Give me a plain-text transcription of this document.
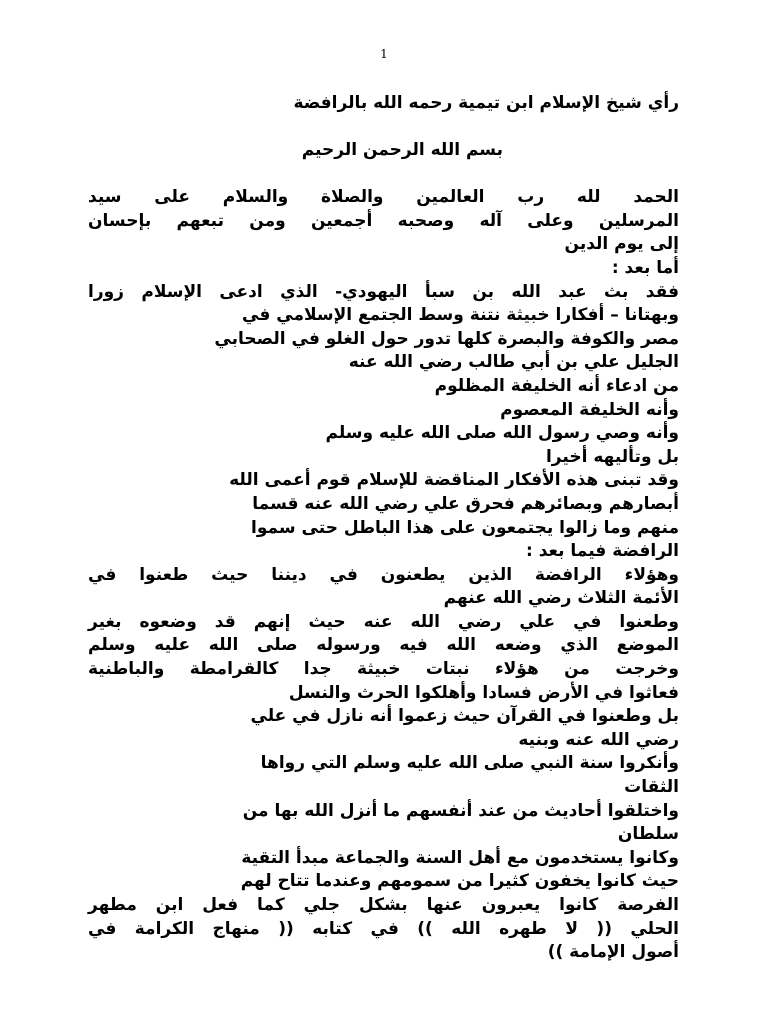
1
رأي شيخ الإسلام ابن تيمية رحمه الله بالرافضة
بسم الله الرحمن الرحيم
الحمد لله رب العالمين والصلاة والسلام على سيد
المرسلين وعلى آله وصحبه أجمعين ومن تبعهم بإحسان
إلى يوم الدين
أما بعد :
فقد بث عبد الله بن سبأ اليهودي- الذي ادعى الإسلام زورا
وبهتانا – أفكارا خبيثة نتنة وسط الجتمع الإسلامي في
مصر والكوفة والبصرة كلها تدور حول الغلو في الصحابي
الجليل علي بن أبي طالب رضي الله عنه
من ادعاء أنه الخليفة المظلوم
وأنه الخليفة المعصوم
وأنه وصي رسول الله صلى الله عليه وسلم
بل وتأليهه أخيرا
وقد تبنى هذه الأفكار المناقضة للإسلام قوم أعمى الله
أبصارهم وبصائرهم فحرق علي رضي الله عنه قسما
منهم وما زالوا يجتمعون على هذا الباطل حتى سموا
الرافضة فيما بعد :
وهؤلاء الرافضة الذين يطعنون في ديننا حيث طعنوا في
الأئمة الثلاث رضي الله عنهم
وطعنوا في علي رضي الله عنه حيث إنهم قد وضعوه بغير
الموضع الذي وضعه الله فيه ورسوله صلى الله عليه وسلم
وخرجت من هؤلاء نبتات خبيثة جدا كالقرامطة والباطنية
فعاثوا في الأرض فسادا وأهلكوا الحرث والنسل
بل وطعنوا في القرآن حيث زعموا أنه نازل في علي
رضي الله عنه وبنيه
وأنكروا سنة النبي صلى الله عليه وسلم التي رواها
الثقات
واختلقوا أحاديث من عند أنفسهم ما أنزل الله بها من
سلطان
وكانوا يستخدمون مع أهل السنة والجماعة مبدأ التقية
حيث كانوا يخفون كثيرا من سمومهم وعندما تتاح لهم
الفرصة كانوا يعبرون عنها بشكل جلي كما فعل ابن مطهر
الحلي (( لا طهره الله )) في كتابه (( منهاج الكرامة في
أصول الإمامة ))
